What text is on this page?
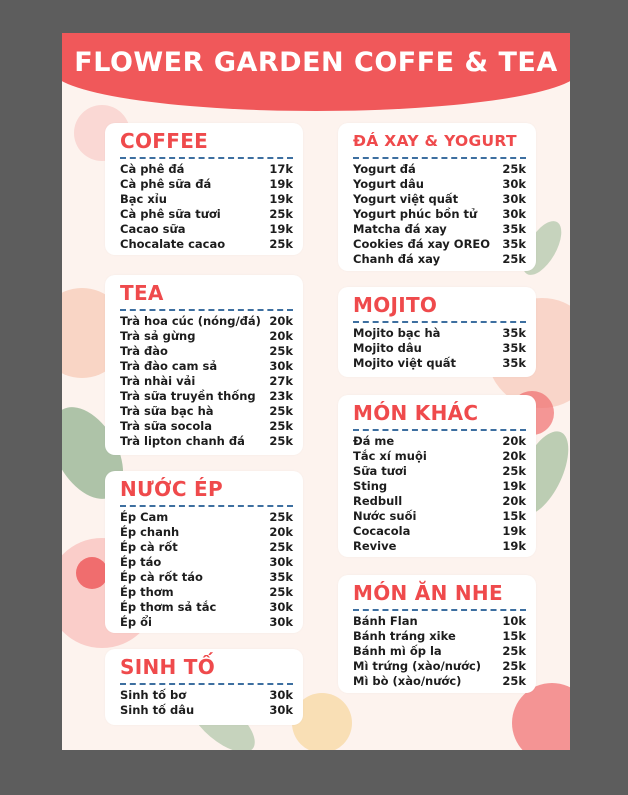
FLOWER GARDEN COFFE & TEA
COFFEE
Cà phê đá	17k
Cà phê sữa đá	19k
Bạc xỉu	19k
Cà phê sữa tươi	25k
Cacao sữa	19k
Chocalate cacao	25k
TEA
Trà hoa cúc (nóng/đá) 20k
Trà sả gừng	20k
Trà đào	25k
Trà đào cam sả	30k
Trà nhài vải	27k
Trà sữa truyền thống 23k
Trà sữa bạc hà	25k
Trà sữa socola	25k
Trà lipton chanh đá 25k
NƯỚC ÉP
Ép Cam	25k
Ép chanh	20k
Ép cà rốt	25k
Ép táo	30k
Ép cà rốt táo	35k
Ép thơm	25k
Ép thơm sả tắc	30k
Ép ổi	30k
SINH TỐ
Sinh tố bơ	30k
Sinh tố dâu	30k
ĐÁ XAY & YOGURT
Yogurt đá	25k
Yogurt dâu	30k
Yogurt việt quất	30k
Yogurt phúc bồn tử 30k
Matcha đá xay	35k
Cookies đá xay OREO 35k
Chanh đá xay	25k
MOJITO
Mojito bạc hà	35k
Mojito dâu	35k
Mojito việt quất	35k
MÓN KHÁC
Đá me	20k
Tắc xí muội	20k
Sữa tươi	25k
Sting	19k
Redbull	20k
Nước suối	15k
Cocacola	19k
Revive	19k
MÓN ĂN NHE
Bánh Flan	10k
Bánh tráng xike	15k
Bánh mì ốp la	25k
Mì trứng (xào/nước) 25k
Mì bò (xào/nước)	25k
